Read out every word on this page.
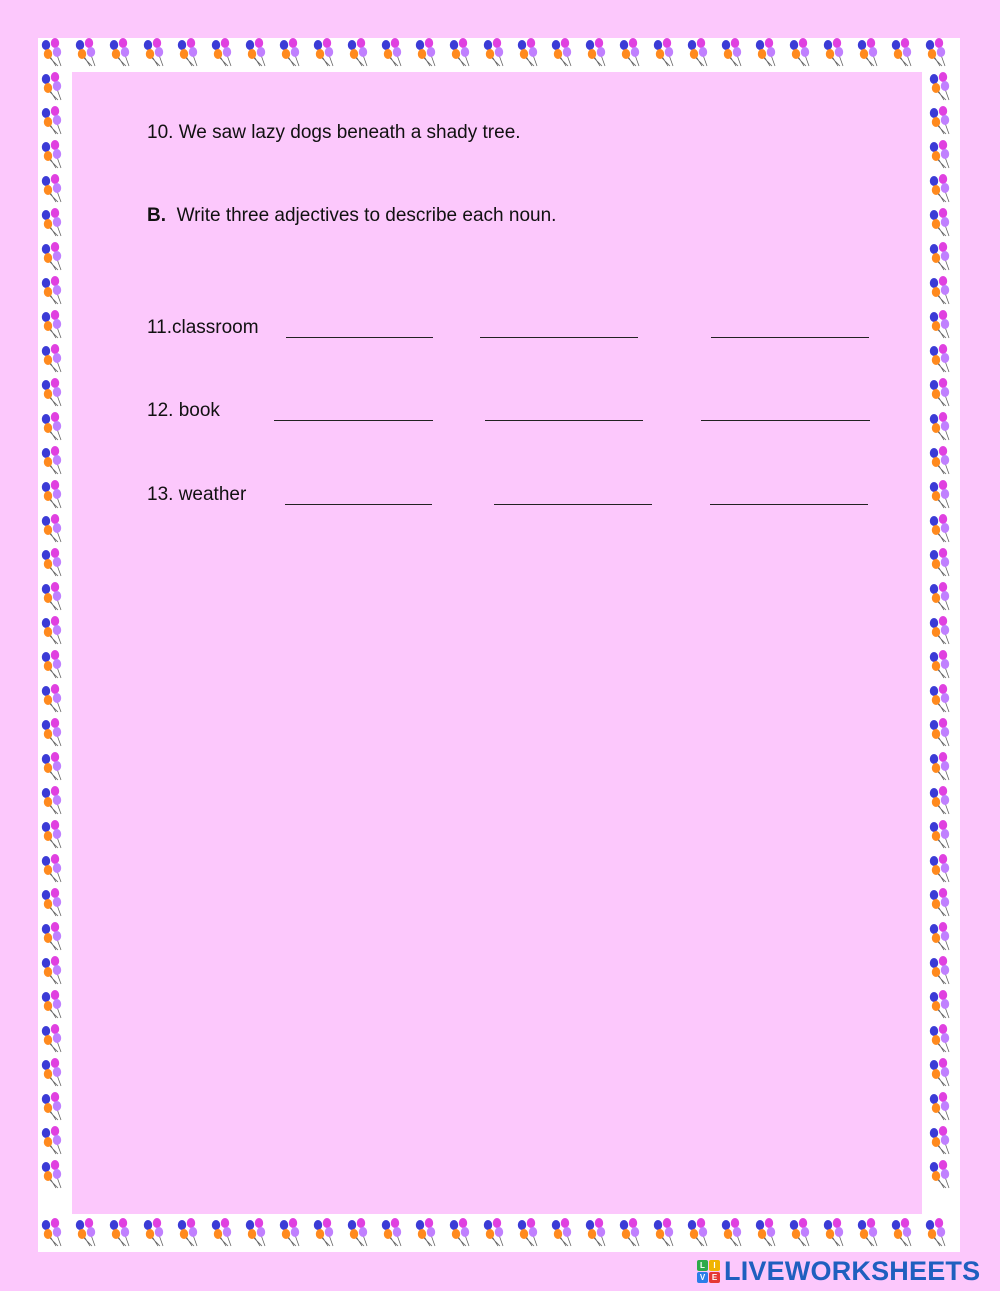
10. We saw lazy dogs beneath a shady tree.
B. Write three adjectives to describe each noun.
11.classroom
12. book
13. weather
L	I
V E LIVEWORKSHEETS
